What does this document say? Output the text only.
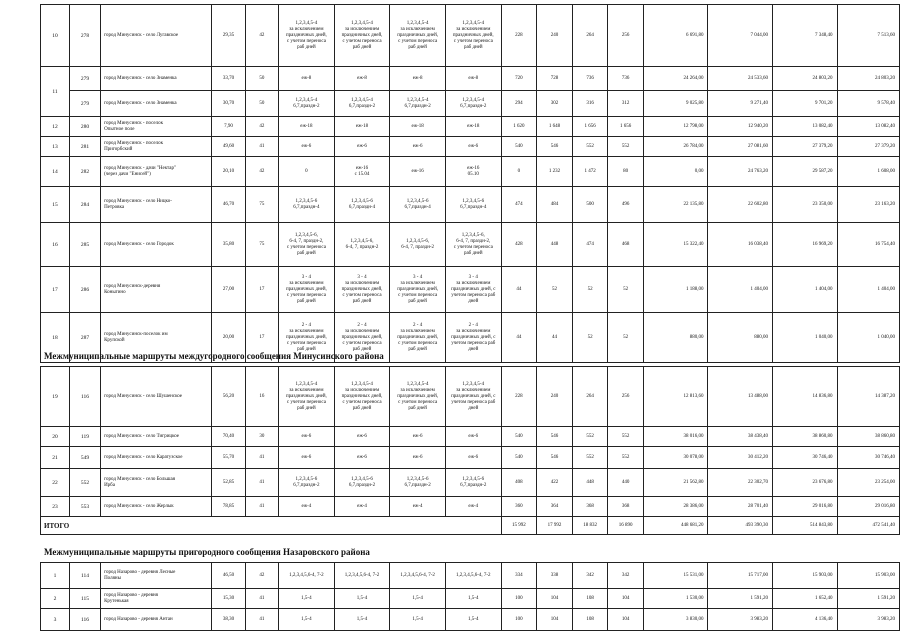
10	278	город Минусинск - село Лугавское	29,35	42	1,2,3,4,5-4
за исключением
праздничных дней,
с учетом переноса
раб дней	1,2,3,4,5-4
за исключением
праздничных дней,
с учетом переноса
раб дней	1,2,3,4,5-4
за исключением
праздничных дней,
с учетом переноса
раб дней	1,2,3,4,5-4
за исключением
праздничных дней,
с учетом переноса
раб дней	228	240	264	256	6 691,80	7 044,00	7 348,40	7 513,60
11	279	город Минусинск - село Знаменка	33,70	50	еж-8	еж-8	еж-8	еж-8	720	728	736	736	24 264,00	24 533,60	24 803,20	24 803,20
	279	город Минусинск - село Знаменка	30,70	50	1,2,3,4,5-4
6,7,праздн-2	1,2,3,4,5-4
6,7,праздн-2	1,2,3,4,5-4
6,7,праздн-2	1,2,3,4,5-4
6,7,праздн-2	294	302	316	312	9 025,80	9 271,40	9 701,20	9 578,40
12	280	город Минусинск - поселок
Опытное поле	7,90	42	еж-18	еж-18	еж-18	еж-18	1 620	1 648	1 656	1 656	12 798,00	12 940,20	13 082,40	13 082,40
13	281	город Минусинск - поселок
Пригорбский	49,60	41	еж-6	еж-6	еж-6	еж-6	540	546	552	552	26 784,00	27 081,60	27 379,20	27 379,20
14	282	город Минусинск - дачи "Нектар"
(через дачи "Енисей")	20,10	42	0	еж-16
с 15.04	еж-16	еж-16
05.10	0	1 232	1 472	80	0,00	24 763,20	29 587,20	1 608,00
15	284	город Минусинск - село Ницко-
Петровка	46,70	75	1,2,3,4,5-6
6,7,праздн-4	1,2,3,4,5-6
6,7,праздн-4	1,2,3,4,5-6
6,7,праздн-4	1,2,3,4,5-6
6,7,праздн-4	474	484	500	496	22 135,80	22 602,80	23 350,00	23 163,20
16	285	город Минусинск - село Городок	35,80	75	1,2,3,4,5-6,
6-4, 7, праздн-2,
с учетом переноса
раб дней	1,2,3,4,5-6,
6-4, 7, праздн-2	1,2,3,4,5-6,
6-4, 7, праздн-2	1,2,3,4,5-6,
6-4, 7, праздн-2,
с учетом переноса
раб дней	428	448	474	468	15 322,40	16 038,40	16 969,20	16 754,40
17	286	город Минусинск-деревня
Коныгино	27,00	17	3 - 4
за исключением
праздничных дней,
с учетом переноса
раб дней	3 - 4
за исключением
праздничных дней,
с учетом переноса
раб дней	3 - 4
за исключением
праздничных дней,
с учетом переноса
раб дней	3 - 4
за исключением
праздничных дней, с
учетом переноса раб
дней	44	52	52	52	1 188,00	1 404,00	1 404,00	1 404,00
18	287	город Минусинск-поселок им
Крупской	20,00	17	2 - 4
за исключением
праздничных дней,
с учетом переноса
раб дней	2 - 4
за исключением
праздничных дней,
с учетом переноса
раб дней	2 - 4
за исключением
праздничных дней,
с учетом переноса
раб дней	2 - 4
за исключением
праздничных дней, с
учетом переноса раб
дней	44	44	52	52	880,00	880,00	1 040,00	1 040,00
Межмуниципальные маршруты междугородного сообщения Минусинского района
19	116	город Минусинск - село Шушенское	56,20	16	1,2,3,4,5-4
за исключением
праздничных дней,
с учетом переноса
раб дней	1,2,3,4,5-4
за исключением
праздничных дней,
с учетом переноса
раб дней	1,2,3,4,5-4
за исключением
праздничных дней,
с учетом переноса
раб дней	1,2,3,4,5-4
за исключением
праздничных дней, с
учетом переноса раб
дней	228	240	264	256	12 813,60	13 488,00	14 836,80	14 387,20
20	119	город Минусинск - село Тигрицкое	70,40	30	еж-6	еж-6	еж-6	еж-6	540	546	552	552	38 016,00	38 438,40	38 860,80	38 860,80
21	549	город Минусинск - село Каратузское	55,70	41	еж-6	еж-6	еж-6	еж-6	540	546	552	552	30 078,00	30 412,20	30 746,40	30 746,40
22	552	город Минусинск - село Большая
Ирба	52,85	41	1,2,3,4,5-6
6,7,праздн-2	1,2,3,4,5-6
6,7,праздн-2	1,2,3,4,5-6
6,7,праздн-2	1,2,3,4,5-6
6,7,праздн-2	408	422	448	440	21 562,80	22 302,70	23 676,80	23 254,00
23	553	город Минусинск - село Жерлык	78,85	41	еж-4	еж-4	еж-4	еж-4	360	364	368	368	28 386,00	28 701,40	29 016,80	29 016,80
ИТОГО									15 992	17 992	18 832	16 890	448 681,20	493 390,30	514 843,80	472 541,40
Межмуниципальные маршруты пригородного сообщения Назаровского района
1	114	город Назарово - деревня Лесные
Поляны	46,50	42	1,2,3,4,5,6-4, 7-2	1,2,3,4,5,6-4, 7-2	1,2,3,4,5,6-4, 7-2	1,2,3,4,5,6-4, 7-2	334	338	342	342	15 531,00	15 717,00	15 903,00	15 903,00
2	115	город Назарово - деревня
Крутенькая	15,30	41	1,5-4	1,5-4	1,5-4	1,5-4	100	104	108	104	1 530,00	1 591,20	1 652,40	1 591,20
3	116	город Назарово - деревня Антан	38,30	41	1,5-4	1,5-4	1,5-4	1,5-4	100	104	108	104	3 830,00	3 983,20	4 136,40	3 983,20
